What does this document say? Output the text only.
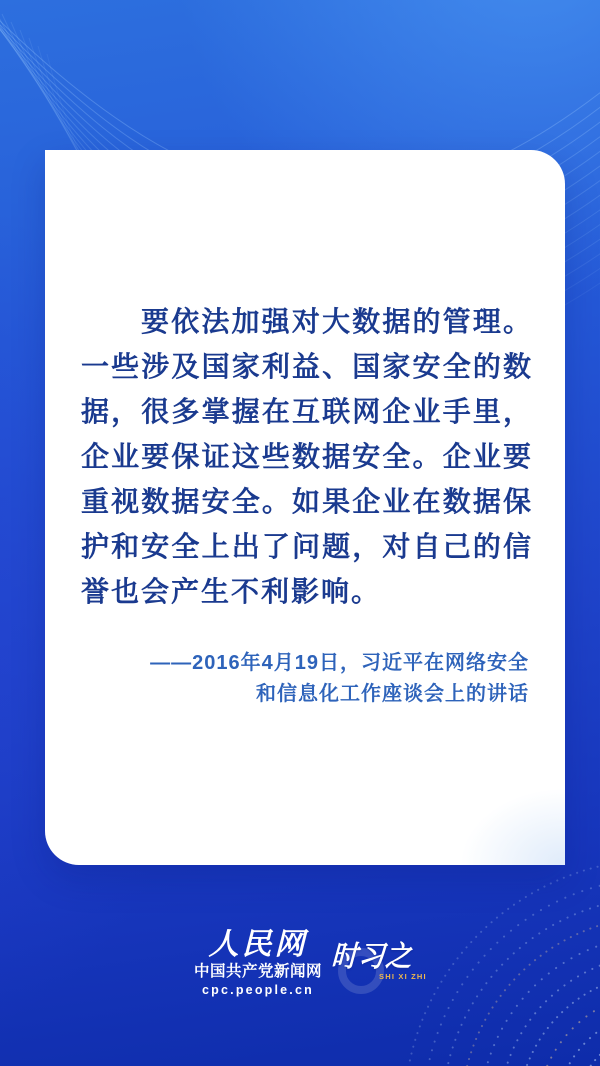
要依法加强对大数据的管理。一些涉及国家利益、国家安全的数据，很多掌握在互联网企业手里，企业要保证这些数据安全。企业要重视数据安全。如果企业在数据保护和安全上出了问题，对自己的信誉也会产生不利影响。

——2016年4月19日，习近平在网络安全
和信息化工作座谈会上的讲话
人民网
中国共产党新闻网
cpc.people.cn
时习之
SHI XI ZHI
